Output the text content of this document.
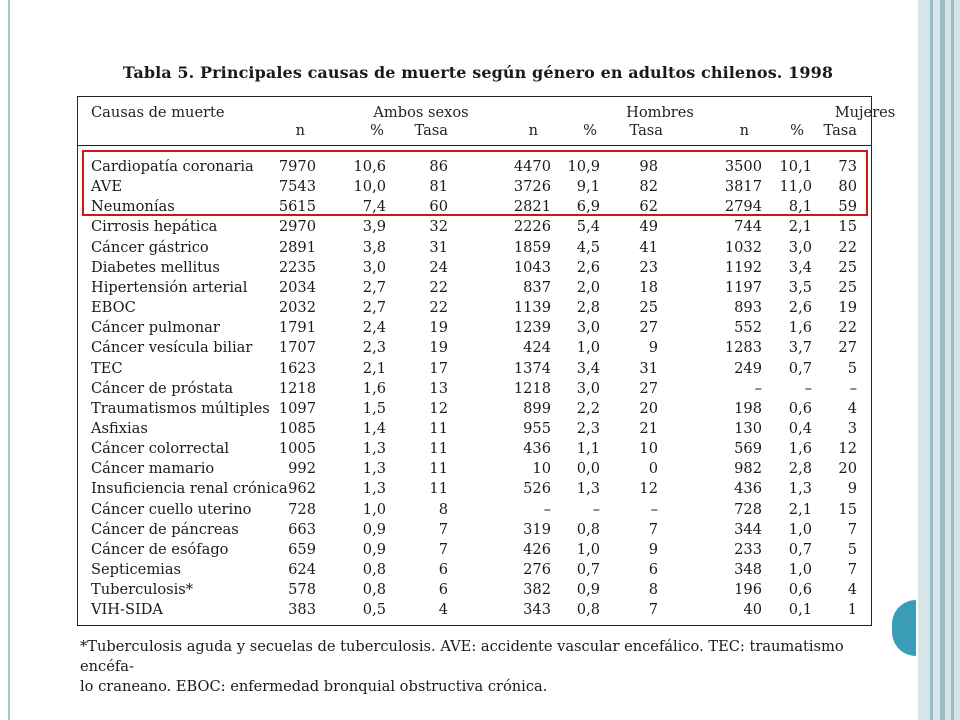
Tabla 5. Principales causas de muerte según género en adultos chilenos. 1998
Causas de muerte	Ambos sexos	Hombres	Mujeres
n	%	Tasa	n	%	Tasa	n	%	Tasa
Cardiopatía coronaria	7970	10,6	86	4470	10,9	98	3500	10,1	73
AVE	7543	10,0	81	3726	9,1	82	3817	11,0	80
Neumonías	5615	7,4	60	2821	6,9	62	2794	8,1	59
Cirrosis hepática	2970	3,9	32	2226	5,4	49	744	2,1	15
Cáncer gástrico	2891	3,8	31	1859	4,5	41	1032	3,0	22
Diabetes mellitus	2235	3,0	24	1043	2,6	23	1192	3,4	25
Hipertensión arterial	2034	2,7	22	837	2,0	18	1197	3,5	25
EBOC	2032	2,7	22	1139	2,8	25	893	2,6	19
Cáncer pulmonar	1791	2,4	19	1239	3,0	27	552	1,6	22
Cáncer vesícula biliar	1707	2,3	19	424	1,0	9	1283	3,7	27
TEC	1623	2,1	17	1374	3,4	31	249	0,7	5
Cáncer de próstata	1218	1,6	13	1218	3,0	27	–	–	–
Traumatismos múltiples 1097	1,5	12	899	2,2	20	198	0,6	4
Asfixias	1085	1,4	11	955	2,3	21	130	0,4	3
Cáncer colorrectal	1005	1,3	11	436	1,1	10	569	1,6	12
Cáncer mamario	992	1,3	11	10	0,0	0	982	2,8	20
Insuficiencia renal crónica 962	1,3	11	526	1,3	12	436	1,3	9
Cáncer cuello uterino	728	1,0	8	–	–	–	728	2,1	15
Cáncer de páncreas	663	0,9	7	319	0,8	7	344	1,0	7
Cáncer de esófago	659	0,9	7	426	1,0	9	233	0,7	5
Septicemias	624	0,8	6	276	0,7	6	348	1,0	7
Tuberculosis*	578	0,8	6	382	0,9	8	196	0,6	4
VIH-SIDA	383	0,5	4	343	0,8	7	40	0,1	1
*Tuberculosis aguda y secuelas de tuberculosis. AVE: accidente vascular encefálico. TEC: traumatismo encéfa-
lo craneano. EBOC: enfermedad bronquial obstructiva crónica.
